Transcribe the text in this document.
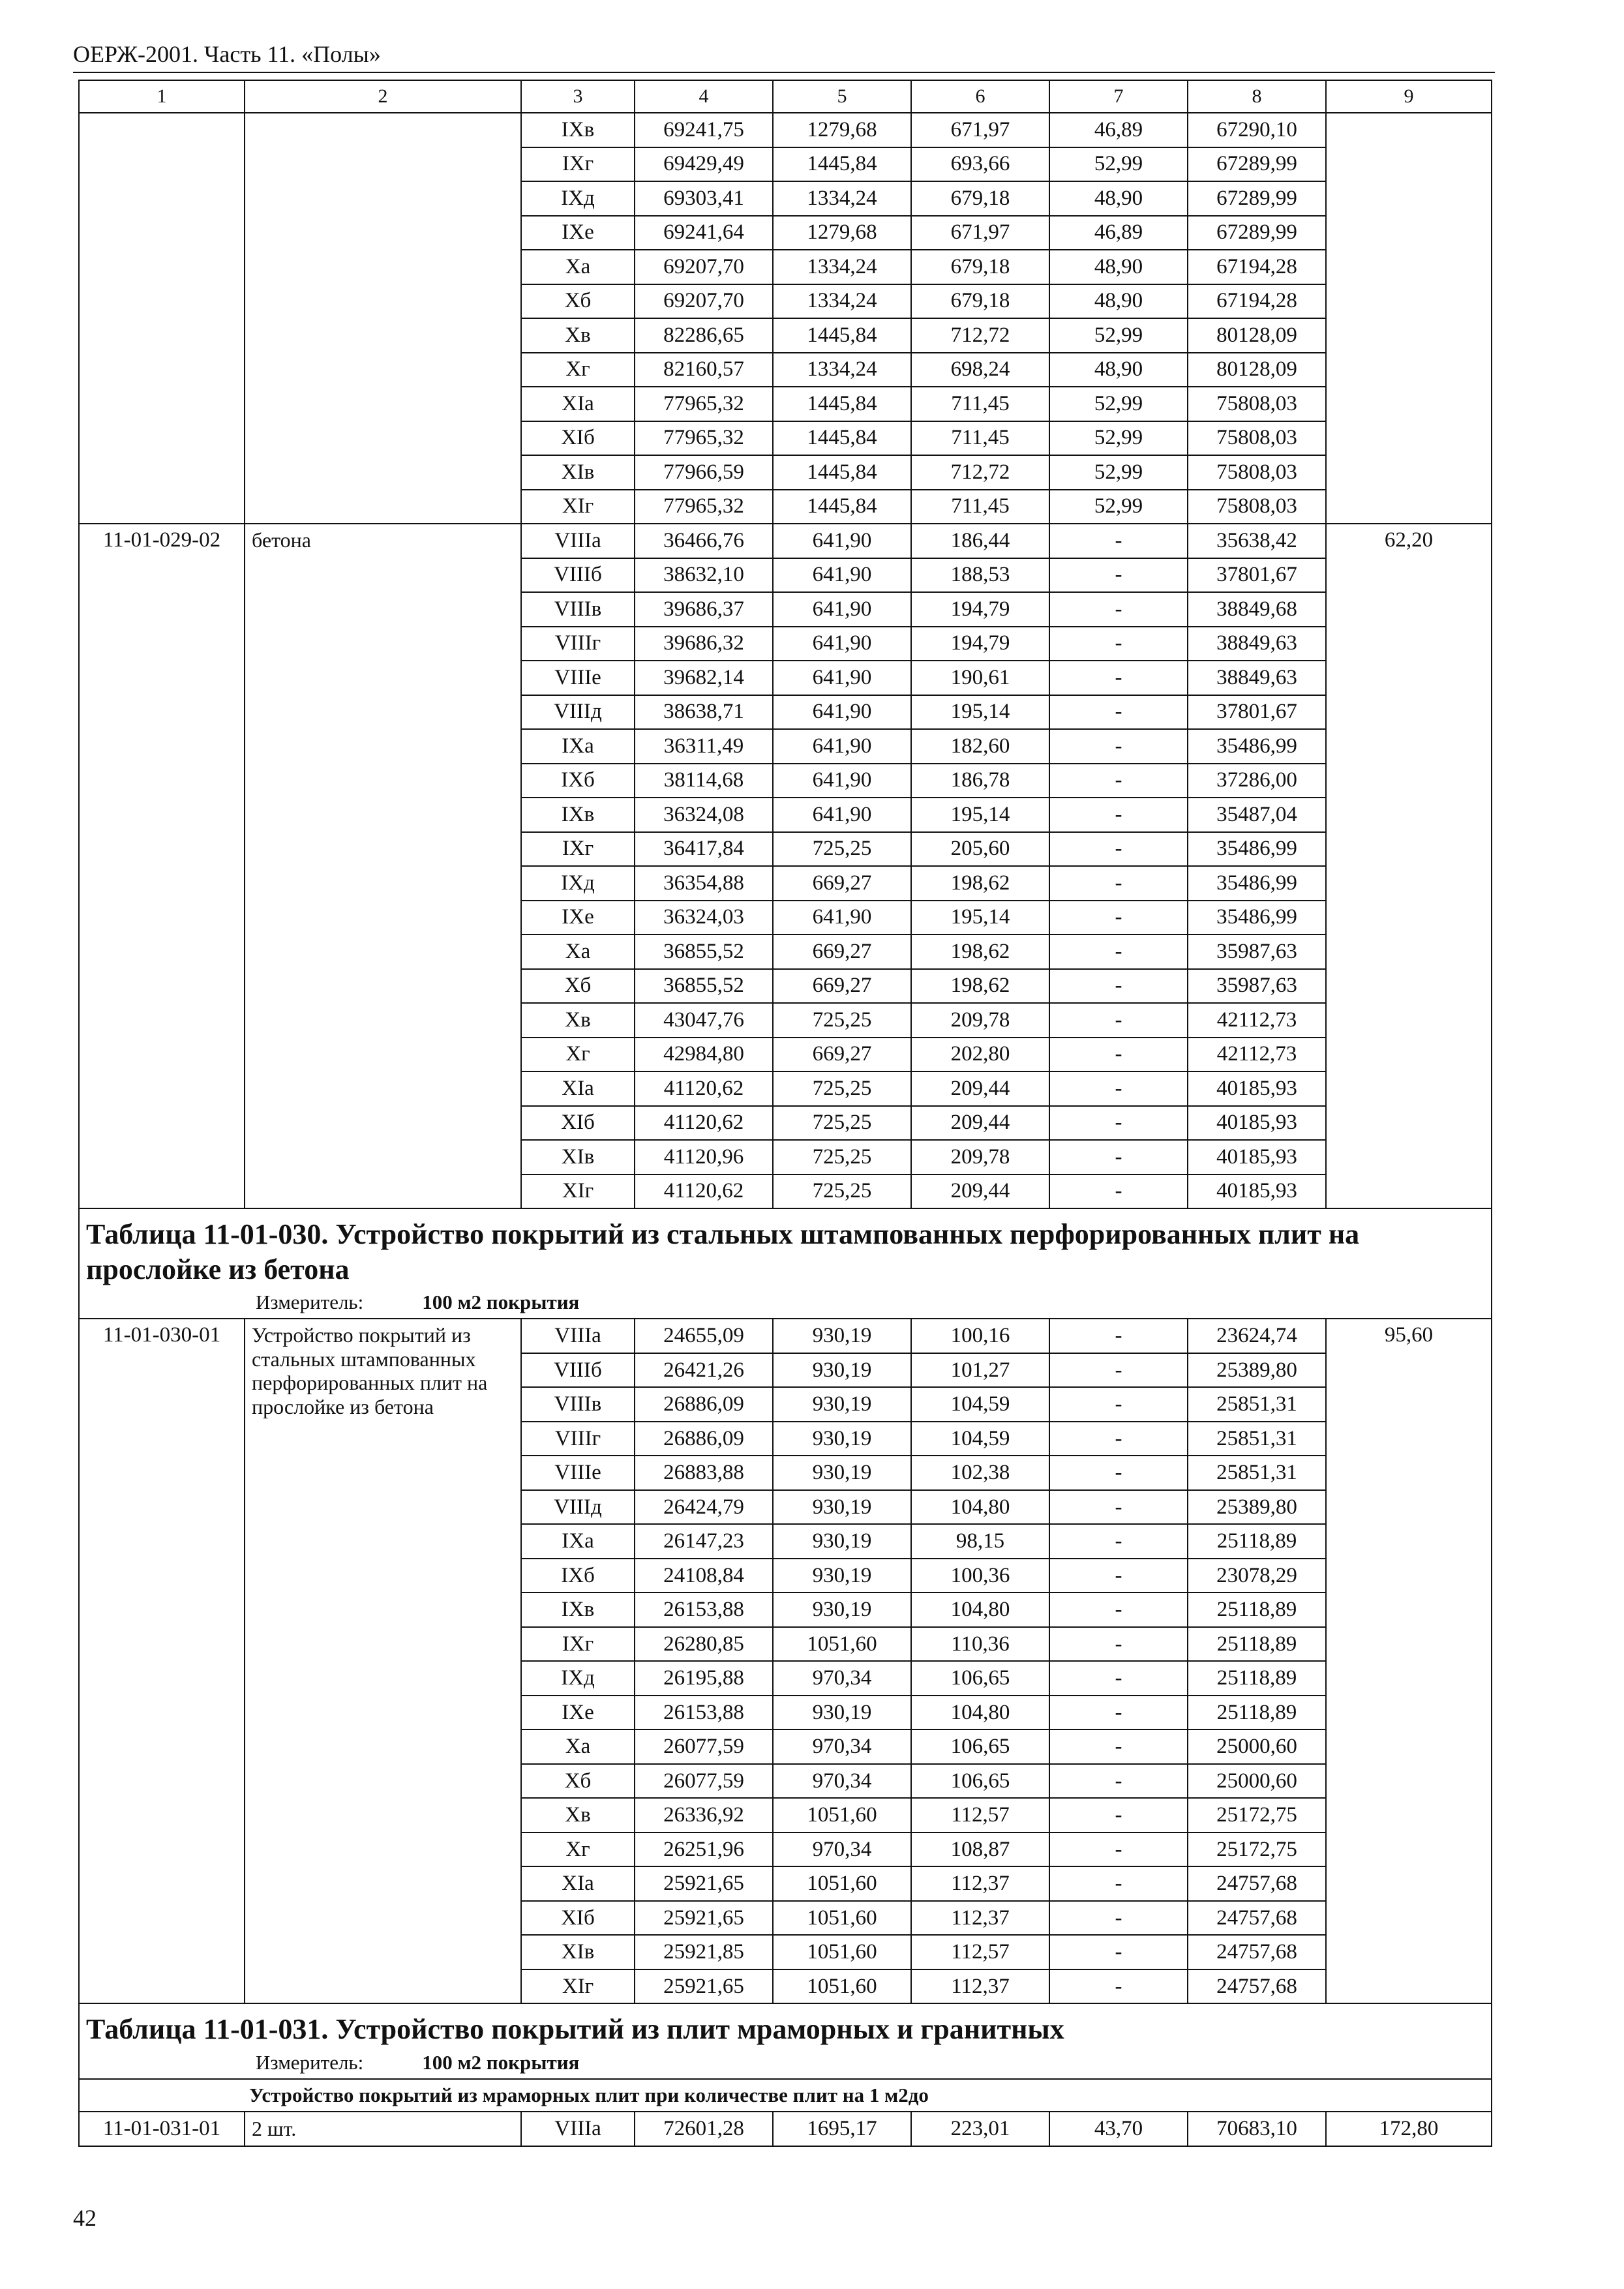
ОЕРЖ-2001. Часть 11. «Полы»
1	2	3	4	5	6	7	8	9
		IXв	69241,75	1279,68	671,97	46,89	67290,10	
		IXг	69429,49	1445,84	693,66	52,99	67289,99	
		IXд	69303,41	1334,24	679,18	48,90	67289,99	
		IXе	69241,64	1279,68	671,97	46,89	67289,99	
		Xа	69207,70	1334,24	679,18	48,90	67194,28	
		Xб	69207,70	1334,24	679,18	48,90	67194,28	
		Xв	82286,65	1445,84	712,72	52,99	80128,09	
		Xг	82160,57	1334,24	698,24	48,90	80128,09	
		XIа	77965,32	1445,84	711,45	52,99	75808,03	
		XIб	77965,32	1445,84	711,45	52,99	75808,03	
		XIв	77966,59	1445,84	712,72	52,99	75808,03	
		XIг	77965,32	1445,84	711,45	52,99	75808,03	
11-01-029-02	бетона	VIIIа	36466,76	641,90	186,44	-	35638,42	62,20
		VIIIб	38632,10	641,90	188,53	-	37801,67	
		VIIIв	39686,37	641,90	194,79	-	38849,68	
		VIIIг	39686,32	641,90	194,79	-	38849,63	
		VIIIе	39682,14	641,90	190,61	-	38849,63	
		VIIIд	38638,71	641,90	195,14	-	37801,67	
		IXа	36311,49	641,90	182,60	-	35486,99	
		IXб	38114,68	641,90	186,78	-	37286,00	
		IXв	36324,08	641,90	195,14	-	35487,04	
		IXг	36417,84	725,25	205,60	-	35486,99	
		IXд	36354,88	669,27	198,62	-	35486,99	
		IXе	36324,03	641,90	195,14	-	35486,99	
		Xа	36855,52	669,27	198,62	-	35987,63	
		Xб	36855,52	669,27	198,62	-	35987,63	
		Xв	43047,76	725,25	209,78	-	42112,73	
		Xг	42984,80	669,27	202,80	-	42112,73	
		XIа	41120,62	725,25	209,44	-	40185,93	
		XIб	41120,62	725,25	209,44	-	40185,93	
		XIв	41120,96	725,25	209,78	-	40185,93	
		XIг	41120,62	725,25	209,44	-	40185,93	

Таблица 11-01-030. Устройство покрытий из стальных штампованных перфорированных плит на прослойке из бетона
Измеритель: 100 м2 покрытия								

11-01-030-01	Устройство покрытий из стальных штампованных перфорированных плит на прослойке из бетона	VIIIа	24655,09	930,19	100,16	-	23624,74	95,60
		VIIIб	26421,26	930,19	101,27	-	25389,80	
		VIIIв	26886,09	930,19	104,59	-	25851,31	
		VIIIг	26886,09	930,19	104,59	-	25851,31	
		VIIIе	26883,88	930,19	102,38	-	25851,31	
		VIIIд	26424,79	930,19	104,80	-	25389,80	
		IXа	26147,23	930,19	98,15	-	25118,89	
		IXб	24108,84	930,19	100,36	-	23078,29	
		IXв	26153,88	930,19	104,80	-	25118,89	
		IXг	26280,85	1051,60	110,36	-	25118,89	
		IXд	26195,88	970,34	106,65	-	25118,89	
		IXе	26153,88	930,19	104,80	-	25118,89	
		Xа	26077,59	970,34	106,65	-	25000,60	
		Xб	26077,59	970,34	106,65	-	25000,60	
		Xв	26336,92	1051,60	112,57	-	25172,75	
		Xг	26251,96	970,34	108,87	-	25172,75	
		XIа	25921,65	1051,60	112,37	-	24757,68	
		XIб	25921,65	1051,60	112,37	-	24757,68	
		XIв	25921,85	1051,60	112,57	-	24757,68	
		XIг	25921,65	1051,60	112,37	-	24757,68	

Таблица 11-01-031. Устройство покрытий из плит мраморных и гранитных
Измеритель: 100 м2 покрытия								

Устройство покрытий из мраморных плит при количестве плит на 1 м2до								
11-01-031-01	2 шт.	VIIIа	72601,28	1695,17	223,01	43,70	70683,10	172,80
42
